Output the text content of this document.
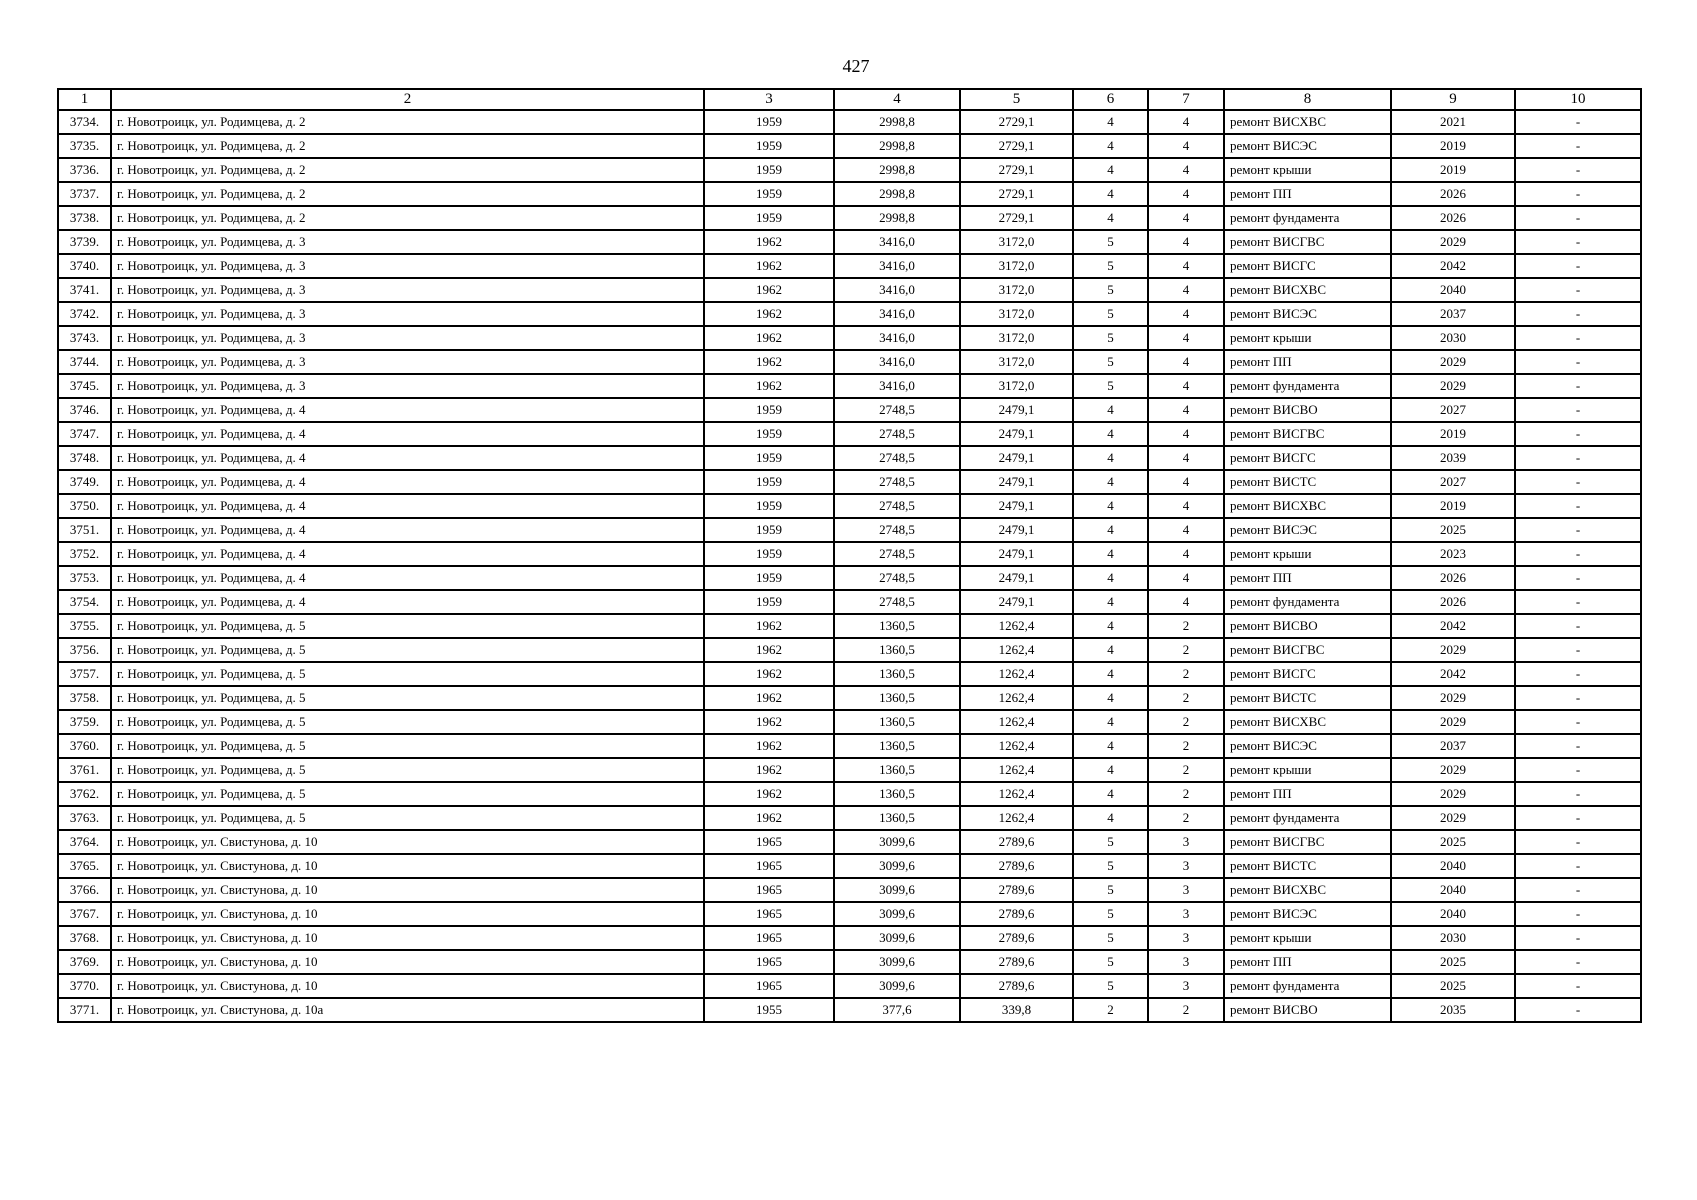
427
1	2	3	4	5	6	7	8	9	10
3734.	г. Новотроицк, ул. Родимцева, д. 2	1959	2998,8	2729,1	4	4	ремонт ВИСХВС	2021	-
3735.	г. Новотроицк, ул. Родимцева, д. 2	1959	2998,8	2729,1	4	4	ремонт ВИСЭС	2019	-
3736.	г. Новотроицк, ул. Родимцева, д. 2	1959	2998,8	2729,1	4	4	ремонт крыши	2019	-
3737.	г. Новотроицк, ул. Родимцева, д. 2	1959	2998,8	2729,1	4	4	ремонт ПП	2026	-
3738.	г. Новотроицк, ул. Родимцева, д. 2	1959	2998,8	2729,1	4	4	ремонт фундамента	2026	-
3739.	г. Новотроицк, ул. Родимцева, д. 3	1962	3416,0	3172,0	5	4	ремонт ВИСГВС	2029	-
3740.	г. Новотроицк, ул. Родимцева, д. 3	1962	3416,0	3172,0	5	4	ремонт ВИСГС	2042	-
3741.	г. Новотроицк, ул. Родимцева, д. 3	1962	3416,0	3172,0	5	4	ремонт ВИСХВС	2040	-
3742.	г. Новотроицк, ул. Родимцева, д. 3	1962	3416,0	3172,0	5	4	ремонт ВИСЭС	2037	-
3743.	г. Новотроицк, ул. Родимцева, д. 3	1962	3416,0	3172,0	5	4	ремонт крыши	2030	-
3744.	г. Новотроицк, ул. Родимцева, д. 3	1962	3416,0	3172,0	5	4	ремонт ПП	2029	-
3745.	г. Новотроицк, ул. Родимцева, д. 3	1962	3416,0	3172,0	5	4	ремонт фундамента	2029	-
3746.	г. Новотроицк, ул. Родимцева, д. 4	1959	2748,5	2479,1	4	4	ремонт ВИСВО	2027	-
3747.	г. Новотроицк, ул. Родимцева, д. 4	1959	2748,5	2479,1	4	4	ремонт ВИСГВС	2019	-
3748.	г. Новотроицк, ул. Родимцева, д. 4	1959	2748,5	2479,1	4	4	ремонт ВИСГС	2039	-
3749.	г. Новотроицк, ул. Родимцева, д. 4	1959	2748,5	2479,1	4	4	ремонт ВИСТС	2027	-
3750.	г. Новотроицк, ул. Родимцева, д. 4	1959	2748,5	2479,1	4	4	ремонт ВИСХВС	2019	-
3751.	г. Новотроицк, ул. Родимцева, д. 4	1959	2748,5	2479,1	4	4	ремонт ВИСЭС	2025	-
3752.	г. Новотроицк, ул. Родимцева, д. 4	1959	2748,5	2479,1	4	4	ремонт крыши	2023	-
3753.	г. Новотроицк, ул. Родимцева, д. 4	1959	2748,5	2479,1	4	4	ремонт ПП	2026	-
3754.	г. Новотроицк, ул. Родимцева, д. 4	1959	2748,5	2479,1	4	4	ремонт фундамента	2026	-
3755.	г. Новотроицк, ул. Родимцева, д. 5	1962	1360,5	1262,4	4	2	ремонт ВИСВО	2042	-
3756.	г. Новотроицк, ул. Родимцева, д. 5	1962	1360,5	1262,4	4	2	ремонт ВИСГВС	2029	-
3757.	г. Новотроицк, ул. Родимцева, д. 5	1962	1360,5	1262,4	4	2	ремонт ВИСГС	2042	-
3758.	г. Новотроицк, ул. Родимцева, д. 5	1962	1360,5	1262,4	4	2	ремонт ВИСТС	2029	-
3759.	г. Новотроицк, ул. Родимцева, д. 5	1962	1360,5	1262,4	4	2	ремонт ВИСХВС	2029	-
3760.	г. Новотроицк, ул. Родимцева, д. 5	1962	1360,5	1262,4	4	2	ремонт ВИСЭС	2037	-
3761.	г. Новотроицк, ул. Родимцева, д. 5	1962	1360,5	1262,4	4	2	ремонт крыши	2029	-
3762.	г. Новотроицк, ул. Родимцева, д. 5	1962	1360,5	1262,4	4	2	ремонт ПП	2029	-
3763.	г. Новотроицк, ул. Родимцева, д. 5	1962	1360,5	1262,4	4	2	ремонт фундамента	2029	-
3764.	г. Новотроицк, ул. Свистунова, д. 10	1965	3099,6	2789,6	5	3	ремонт ВИСГВС	2025	-
3765.	г. Новотроицк, ул. Свистунова, д. 10	1965	3099,6	2789,6	5	3	ремонт ВИСТС	2040	-
3766.	г. Новотроицк, ул. Свистунова, д. 10	1965	3099,6	2789,6	5	3	ремонт ВИСХВС	2040	-
3767.	г. Новотроицк, ул. Свистунова, д. 10	1965	3099,6	2789,6	5	3	ремонт ВИСЭС	2040	-
3768.	г. Новотроицк, ул. Свистунова, д. 10	1965	3099,6	2789,6	5	3	ремонт крыши	2030	-
3769.	г. Новотроицк, ул. Свистунова, д. 10	1965	3099,6	2789,6	5	3	ремонт ПП	2025	-
3770.	г. Новотроицк, ул. Свистунова, д. 10	1965	3099,6	2789,6	5	3	ремонт фундамента	2025	-
3771.	г. Новотроицк, ул. Свистунова, д. 10а	1955	377,6	339,8	2	2	ремонт ВИСВО	2035	-
